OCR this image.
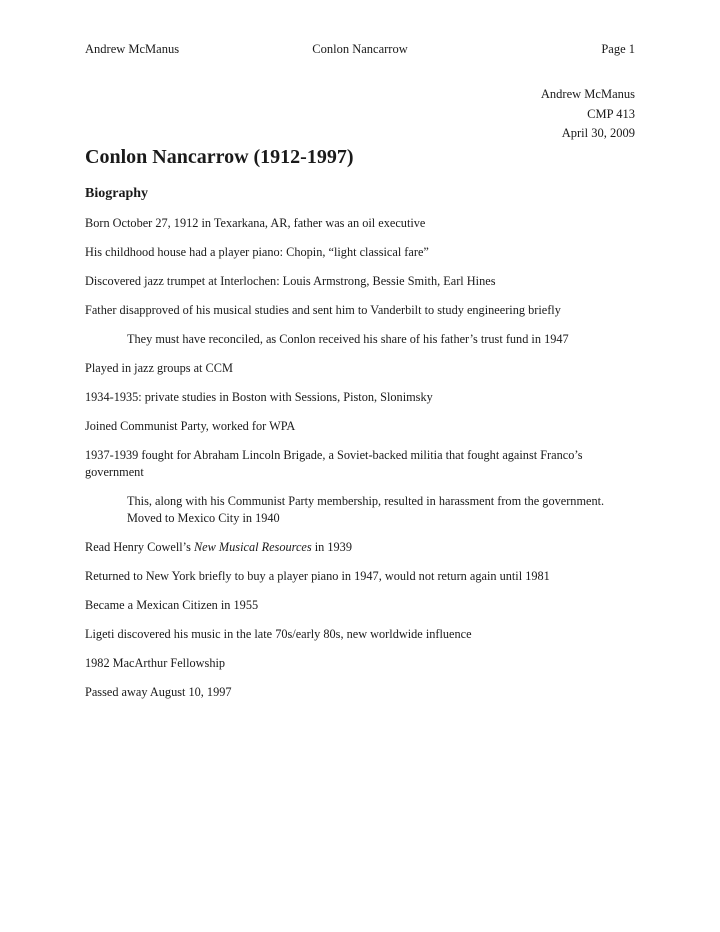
Andrew McManus	Conlon Nancarrow	Page 1
Andrew McManus
CMP 413
April 30, 2009
Conlon Nancarrow (1912-1997)
Biography

Born October 27, 1912 in Texarkana, AR, father was an oil executive

His childhood house had a player piano: Chopin, “light classical fare”

Discovered jazz trumpet at Interlochen: Louis Armstrong, Bessie Smith, Earl Hines

Father disapproved of his musical studies and sent him to Vanderbilt to study engineering briefly

They must have reconciled, as Conlon received his share of his father’s trust fund in 1947

Played in jazz groups at CCM

1934-1935: private studies in Boston with Sessions, Piston, Slonimsky

Joined Communist Party, worked for WPA

1937-1939 fought for Abraham Lincoln Brigade, a Soviet-backed militia that fought against Franco’s government

This, along with his Communist Party membership, resulted in harassment from the government. Moved to Mexico City in 1940

Read Henry Cowell’s New Musical Resources in 1939

Returned to New York briefly to buy a player piano in 1947, would not return again until 1981

Became a Mexican Citizen in 1955

Ligeti discovered his music in the late 70s/early 80s, new worldwide influence

1982 MacArthur Fellowship

Passed away August 10, 1997
